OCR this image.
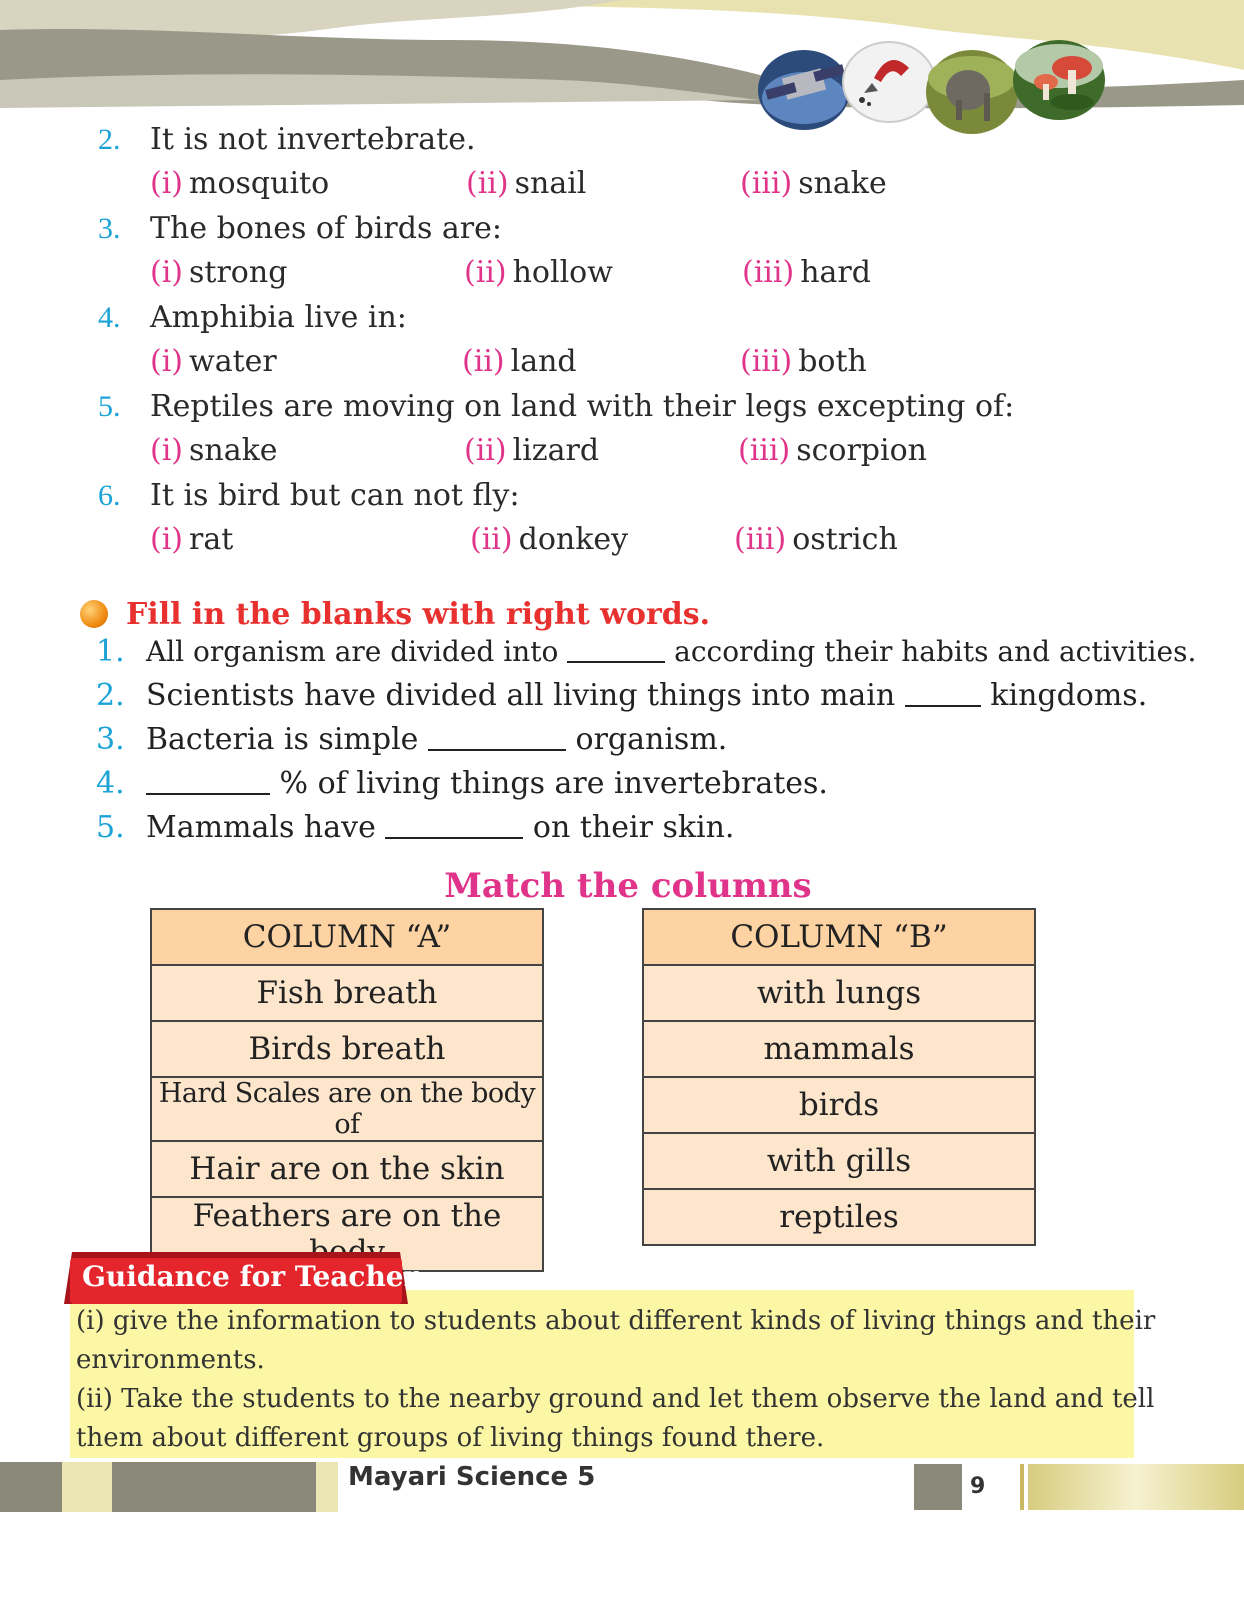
2. It is not invertebrate.
(i) mosquito	(ii) snail	(iii) snake
3. The bones of birds are:
(i) strong	(ii) hollow	(iii) hard
4. Amphibia live in:
(i) water	(ii) land	(iii) both
5. Reptiles are moving on land with their legs excepting of:
(i) snake	(ii) lizard	(iii) scorpion
6. It is bird but can not fly:
(i) rat	(ii) donkey	(iii) ostrich
Fill in the blanks with right words.
1. All organism are divided into	according their habits and activities.
2. Scientists have divided all living things into main	kingdoms.
3. Bacteria is simple	organism.
4.	% of living things are invertebrates.
5. Mammals have	on their skin.
Match the columns
COLUMN “A”
Fish breath
Birds breath
Hard Scales are on the body of
Hair are on the skin
Feathers are on the
COLUMN “B”
with lungs
mammals
birds
with gills
reptiles
Guidance for Teacher
(i) give the information to students about different kinds of living things and their
environments.
(ii) Take the students to the nearby ground and let them observe the land and tell
them about different groups of living things found there.
Mayari Science 5	9
